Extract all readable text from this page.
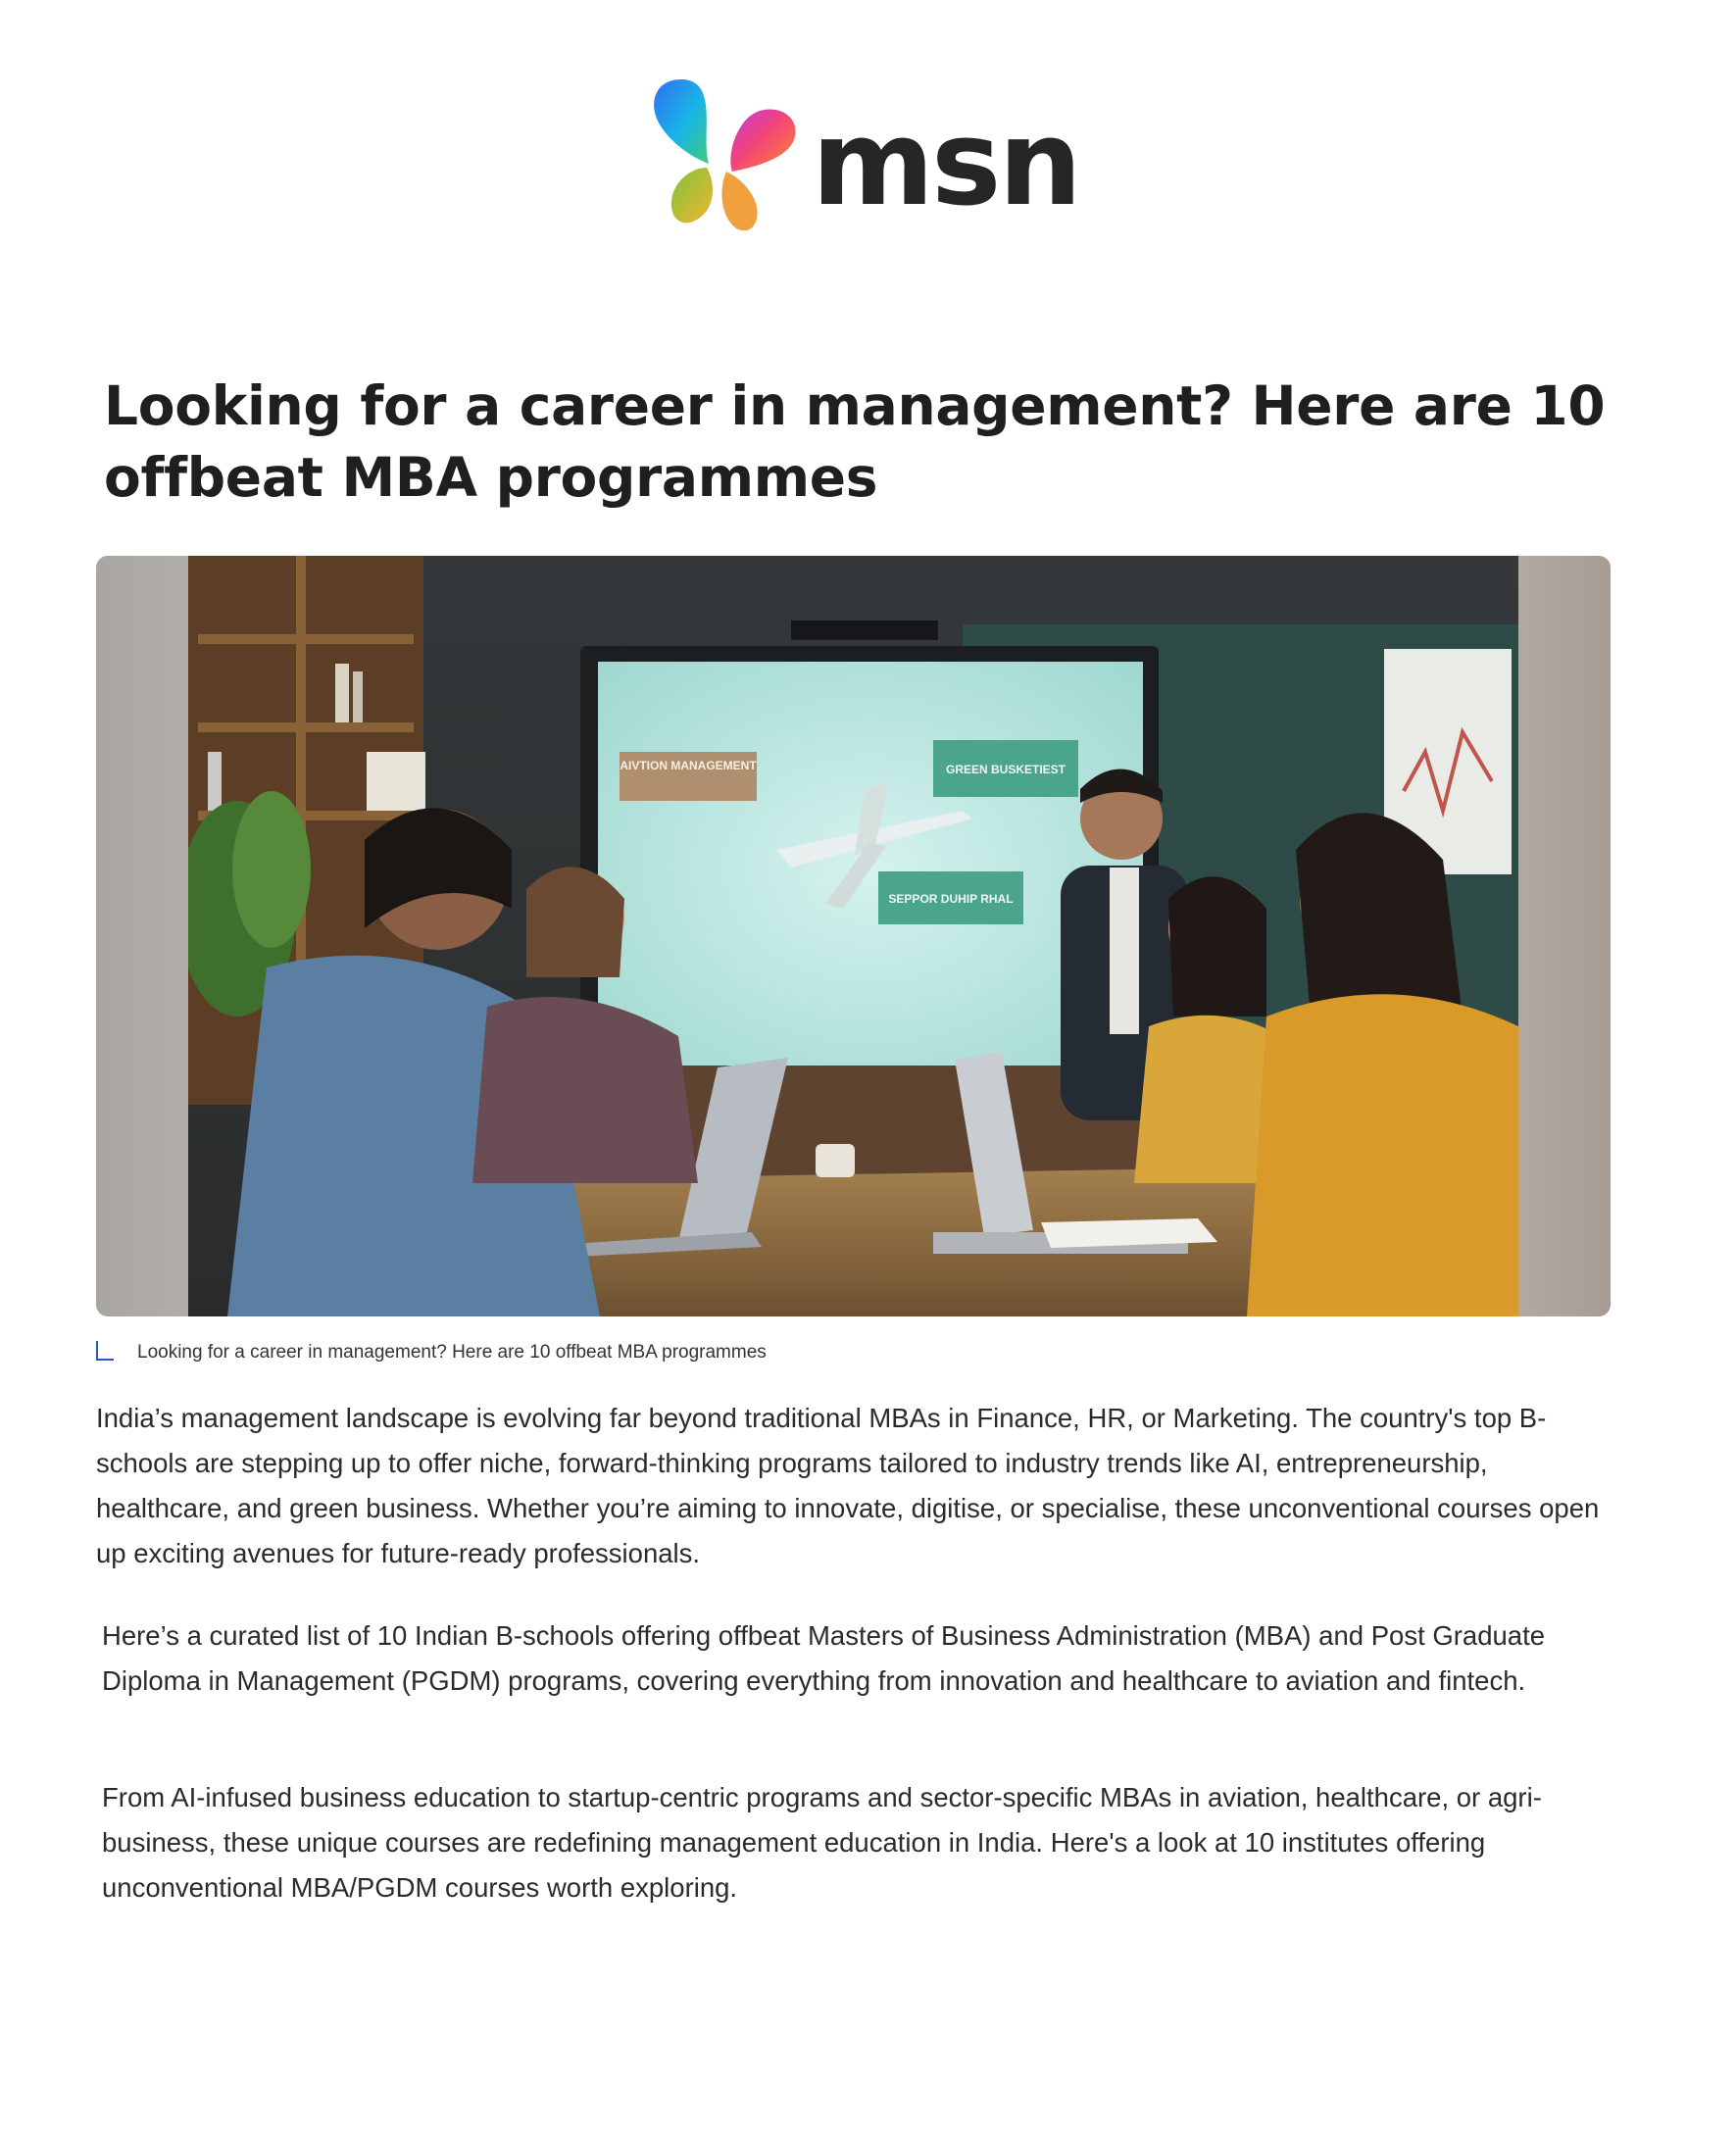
msn
Looking for a career in management? Here are 10 offbeat MBA programmes
AIVTION MANAGEMENT	GREEN BUSKETIEST
SEPPOR DUHIP RHAL
Looking for a career in management? Here are 10 offbeat MBA programmes

India’s management landscape is evolving far beyond traditional MBAs in Finance, HR, or Marketing. The country's top B-schools are stepping up to offer niche, forward-thinking programs tailored to industry trends like AI, entrepreneurship, healthcare, and green business. Whether you’re aiming to innovate, digitise, or specialise, these unconventional courses open up exciting avenues for future-ready professionals.

Here’s a curated list of 10 Indian B-schools offering offbeat Masters of Business Administration (MBA) and Post Graduate Diploma in Management (PGDM) programs, covering everything from innovation and healthcare to aviation and fintech.

From AI-infused business education to startup-centric programs and sector-specific MBAs in aviation, healthcare, or agri-business, these unique courses are redefining management education in India. Here's a look at 10 institutes offering unconventional MBA/PGDM courses worth exploring.
